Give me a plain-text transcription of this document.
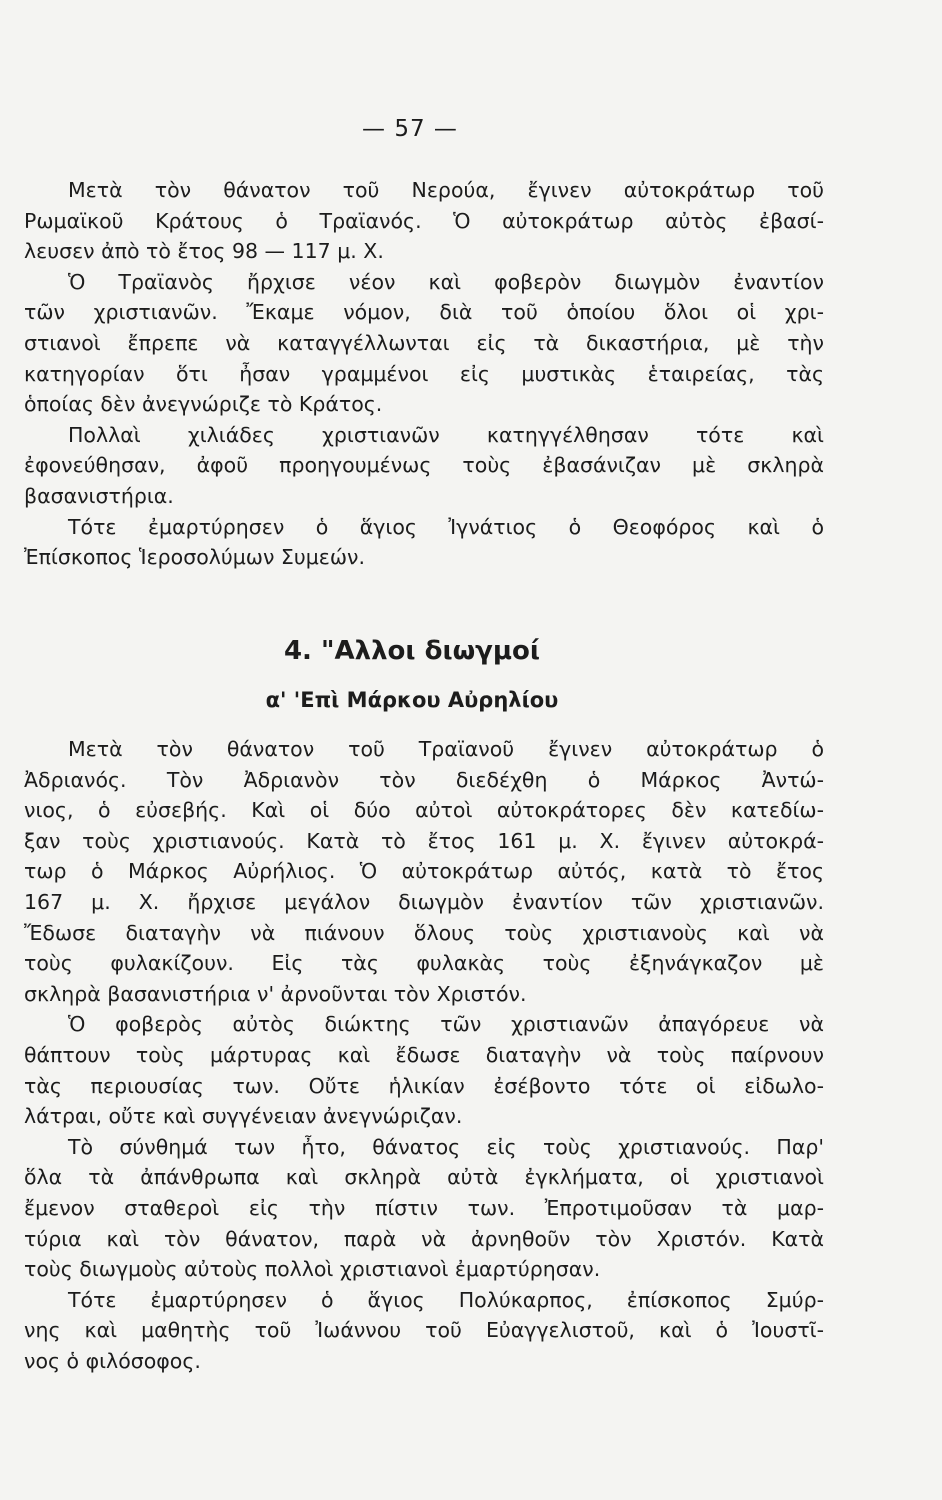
— 57 —
Μετὰ τὸν θάνατον τοῦ Νερούα, ἔγινεν αὐτοκράτωρ τοῦ
Ρωμαϊκοῦ Κράτους ὁ Τραϊανός. Ὁ αὐτοκράτωρ αὐτὸς ἐβασί-
λευσεν ἀπὸ τὸ ἔτος 98 — 117 μ. Χ.
Ὁ Τραϊανὸς ἤρχισε νέον καὶ φοβερὸν διωγμὸν ἐναντίον
τῶν χριστιανῶν. Ἔκαμε νόμον, διὰ τοῦ ὁποίου ὅλοι οἱ χρι-
στιανοὶ ἔπρεπε νὰ καταγγέλλωνται εἰς τὰ δικαστήρια, μὲ τὴν
κατηγορίαν ὅτι ἦσαν γραμμένοι εἰς μυστικὰς ἑταιρείας, τὰς
ὁποίας δὲν ἀνεγνώριζε τὸ Κράτος.
Πολλαὶ χιλιάδες χριστιανῶν κατηγγέλθησαν τότε καὶ
ἐφονεύθησαν, ἀφοῦ προηγουμένως τοὺς ἐβασάνιζαν μὲ σκληρὰ
βασανιστήρια.
Τότε ἐμαρτύρησεν ὁ ἅγιος Ἰγνάτιος ὁ Θεοφόρος καὶ ὁ
Ἐπίσκοπος Ἱεροσολύμων Συμεών.
4. "Αλλοι διωγμοί
α' 'Επὶ Μάρκου Αὐρηλίου
Μετὰ τὸν θάνατον τοῦ Τραϊανοῦ ἔγινεν αὐτοκράτωρ ὁ
Ἀδριανός. Τὸν Ἀδριανὸν τὸν διεδέχθη ὁ Μάρκος Ἀντώ-
νιος, ὁ εὐσεβής. Καὶ οἱ δύο αὐτοὶ αὐτοκράτορες δὲν κατεδίω-
ξαν τοὺς χριστιανούς. Κατὰ τὸ ἔτος 161 μ. Χ. ἔγινεν αὐτοκρά-
τωρ ὁ Μάρκος Αὐρήλιος. Ὁ αὐτοκράτωρ αὐτός, κατὰ τὸ ἔτος
167 μ. Χ. ἤρχισε μεγάλον διωγμὸν ἐναντίον τῶν χριστιανῶν.
Ἔδωσε διαταγὴν νὰ πιάνουν ὅλους τοὺς χριστιανοὺς καὶ νὰ
τοὺς φυλακίζουν. Εἰς τὰς φυλακὰς τοὺς ἐξηνάγκαζον μὲ
σκληρὰ βασανιστήρια ν' ἀρνοῦνται τὸν Χριστόν.
Ὁ φοβερὸς αὐτὸς διώκτης τῶν χριστιανῶν ἀπαγόρευε νὰ
θάπτουν τοὺς μάρτυρας καὶ ἔδωσε διαταγὴν νὰ τοὺς παίρνουν
τὰς περιουσίας των. Οὔτε ἡλικίαν ἐσέβοντο τότε οἱ εἰδωλο-
λάτραι, οὔτε καὶ συγγένειαν ἀνεγνώριζαν.
Τὸ σύνθημά των ἦτο, θάνατος εἰς τοὺς χριστιανούς. Παρ'
ὅλα τὰ ἀπάνθρωπα καὶ σκληρὰ αὐτὰ ἐγκλήματα, οἱ χριστιανοὶ
ἔμενον σταθεροὶ εἰς τὴν πίστιν των. Ἐπροτιμοῦσαν τὰ μαρ-
τύρια καὶ τὸν θάνατον, παρὰ νὰ ἀρνηθοῦν τὸν Χριστόν. Κατὰ
τοὺς διωγμοὺς αὐτοὺς πολλοὶ χριστιανοὶ ἐμαρτύρησαν.
Τότε ἐμαρτύρησεν ὁ ἅγιος Πολύκαρπος, ἐπίσκοπος Σμύρ-
νης καὶ μαθητὴς τοῦ Ἰωάννου τοῦ Εὐαγγελιστοῦ, καὶ ὁ Ἰουστῖ-
νος ὁ φιλόσοφος.
